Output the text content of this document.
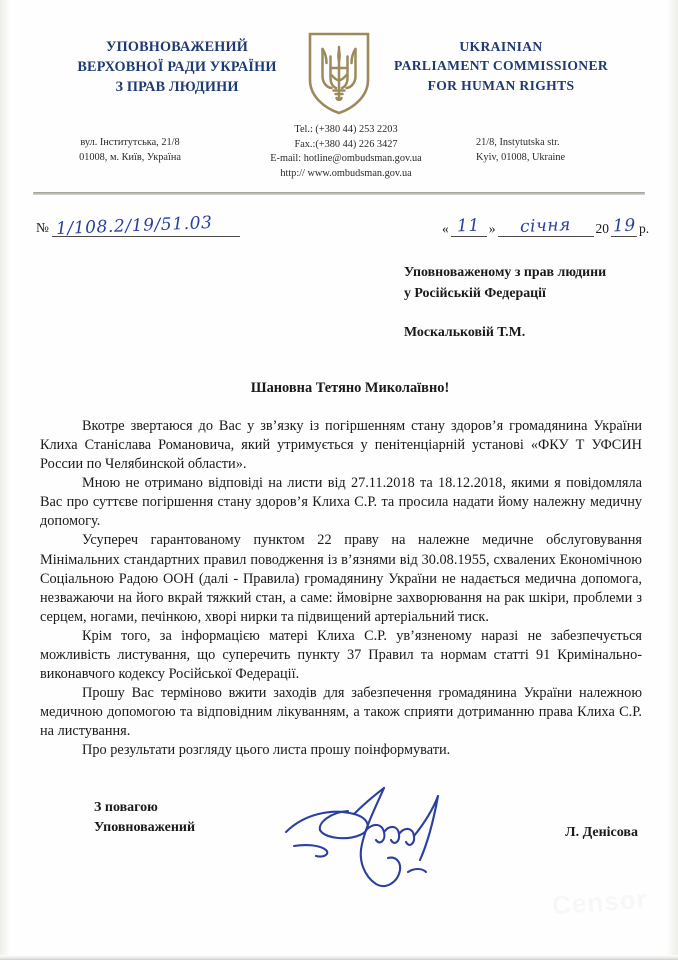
УПОВНОВАЖЕНИЙ
ВЕРХОВНОЇ РАДИ УКРАЇНИ
З ПРАВ ЛЮДИНИ
UKRAINIAN
PARLIAMENT COMMISSIONER
FOR HUMAN RIGHTS
вул. Інститутська, 21/8
01008, м. Київ, Україна
Tel.: (+380 44) 253 2203
Fax.:(+380 44) 226 3427
E-mail: hotline@ombudsman.gov.ua
http:// www.ombudsman.gov.ua
21/8, Instytutska str.
Kyiv, 01008, Ukraine
№ 1/108.2/19/51.03	« 11 »	січня	20 19 р.
Уповноваженому з прав людини
у Російській Федерації
Москальковій Т.М.
Шановна Тетяно Миколаївно!

Вкотре звертаюся до Вас у зв’язку із погіршенням стану здоров’я громадянина України Клиха Станіслава Романовича, який утримується у пенітенціарній установі «ФКУ Т УФСИН России по Челябинской области».

Мною не отримано відповіді на листи від 27.11.2018 та 18.12.2018, якими я повідомляла Вас про суттєве погіршення стану здоров’я Клиха С.Р. та просила надати йому належну медичну допомогу.

Усупереч гарантованому пунктом 22 праву на належне медичне обслуговування Мінімальних стандартних правил поводження із в’язнями від 30.08.1955, схвалених Економічною Соціальною Радою ООН (далі - Правила) громадянину України не надається медична допомога, незважаючи на його вкрай тяжкий стан, а саме: ймовірне захворювання на рак шкіри, проблеми з серцем, ногами, печінкою, хворі нирки та підвищений артеріальний тиск.

Крім того, за інформацією матері Клиха С.Р. ув’язненому наразі не забезпечується можливість листування, що суперечить пункту 37 Правил та нормам статті 91 Кримінально-виконавчого кодексу Російської Федерації.

Прошу Вас терміново вжити заходів для забезпечення громадянина України належною медичною допомогою та відповідним лікуванням, а також сприяти дотриманню права Клиха С.Р. на листування.

Про результати розгляду цього листа прошу поінформувати.

З повагою
Уповноважений	Л. Денісова
Censor
